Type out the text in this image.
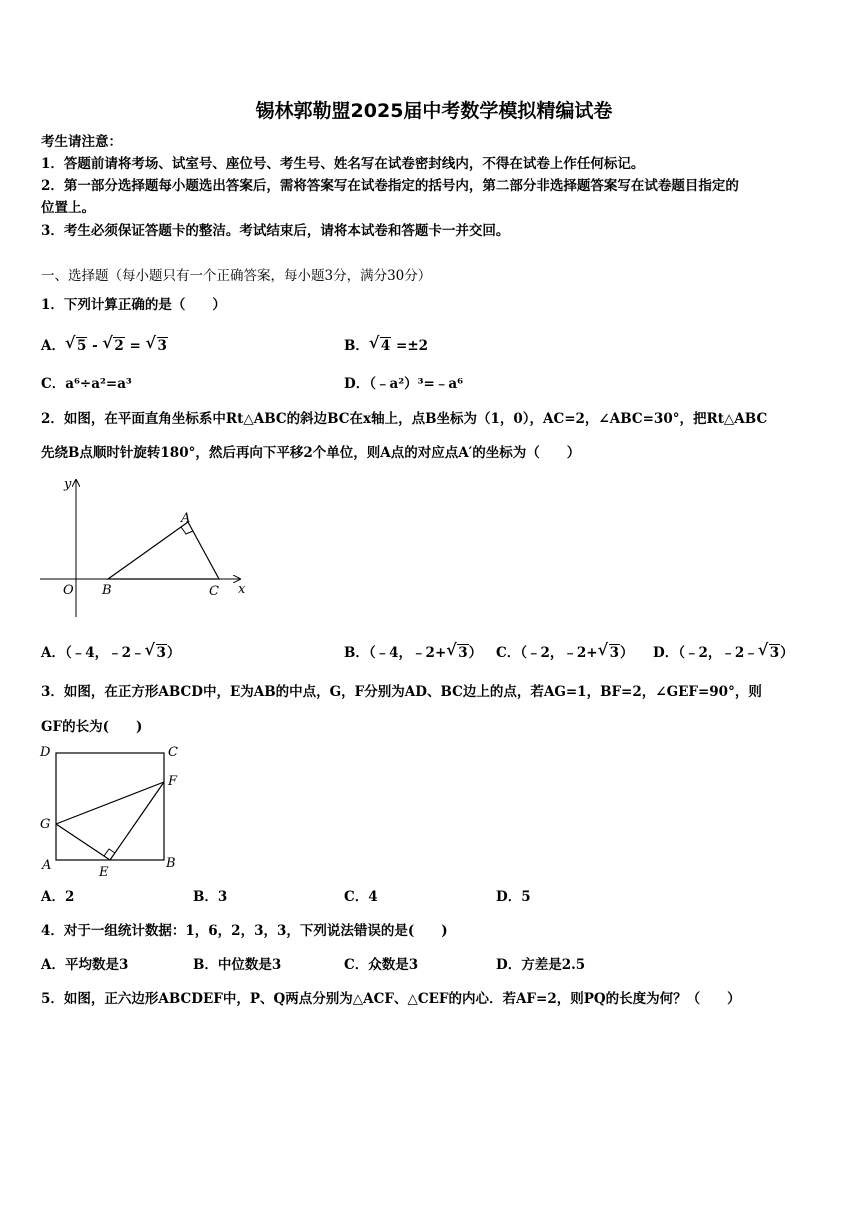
锡林郭勒盟2025届中考数学模拟精编试卷
考生请注意：
1．答题前请将考场、试室号、座位号、考生号、姓名写在试卷密封线内，不得在试卷上作任何标记。
2．第一部分选择题每小题选出答案后，需将答案写在试卷指定的括号内，第二部分非选择题答案写在试卷题目指定的
位置上。
3．考生必须保证答题卡的整洁。考试结束后，请将本试卷和答题卡一并交回。
一、选择题（每小题只有一个正确答案，每小题3分，满分30分）
1．下列计算正确的是（　　）
A． √ 5 - √ 2 = √ 3	B． √ 4 =±2
C．a⁶÷a²=a³	D．（﹣a²）³=﹣a⁶
2．如图，在平面直角坐标系中Rt△ABC的斜边BC在x轴上，点B坐标为（1，0），AC=2，∠ABC=30°，把Rt△ABC
先绕B点顺时针旋转180°，然后再向下平移2个单位，则A点的对应点A′的坐标为（　　）
y
x
O B	C
A
A．（﹣4，﹣2﹣ √ 3）	B．（﹣4，﹣2+ √ 3） C．（﹣2，﹣2+ √ 3） D．（﹣2，﹣2﹣ √ 3）
3．如图，在正方形ABCD中，E为AB的中点，G，F分别为AD、BC边上的点，若AG=1，BF=2，∠GEF=90°，则
GF的长为(　　)
D	C
F
G
A	E
B
A．2	B．3	C．4	D．5
4．对于一组统计数据：1，6，2，3，3，下列说法错误的是(　　)
A．平均数是3	B．中位数是3	C．众数是3	D．方差是2.5
5．如图，正六边形ABCDEF中，P、Q两点分别为△ACF、△CEF的内心．若AF=2，则PQ的长度为何？（　　）
